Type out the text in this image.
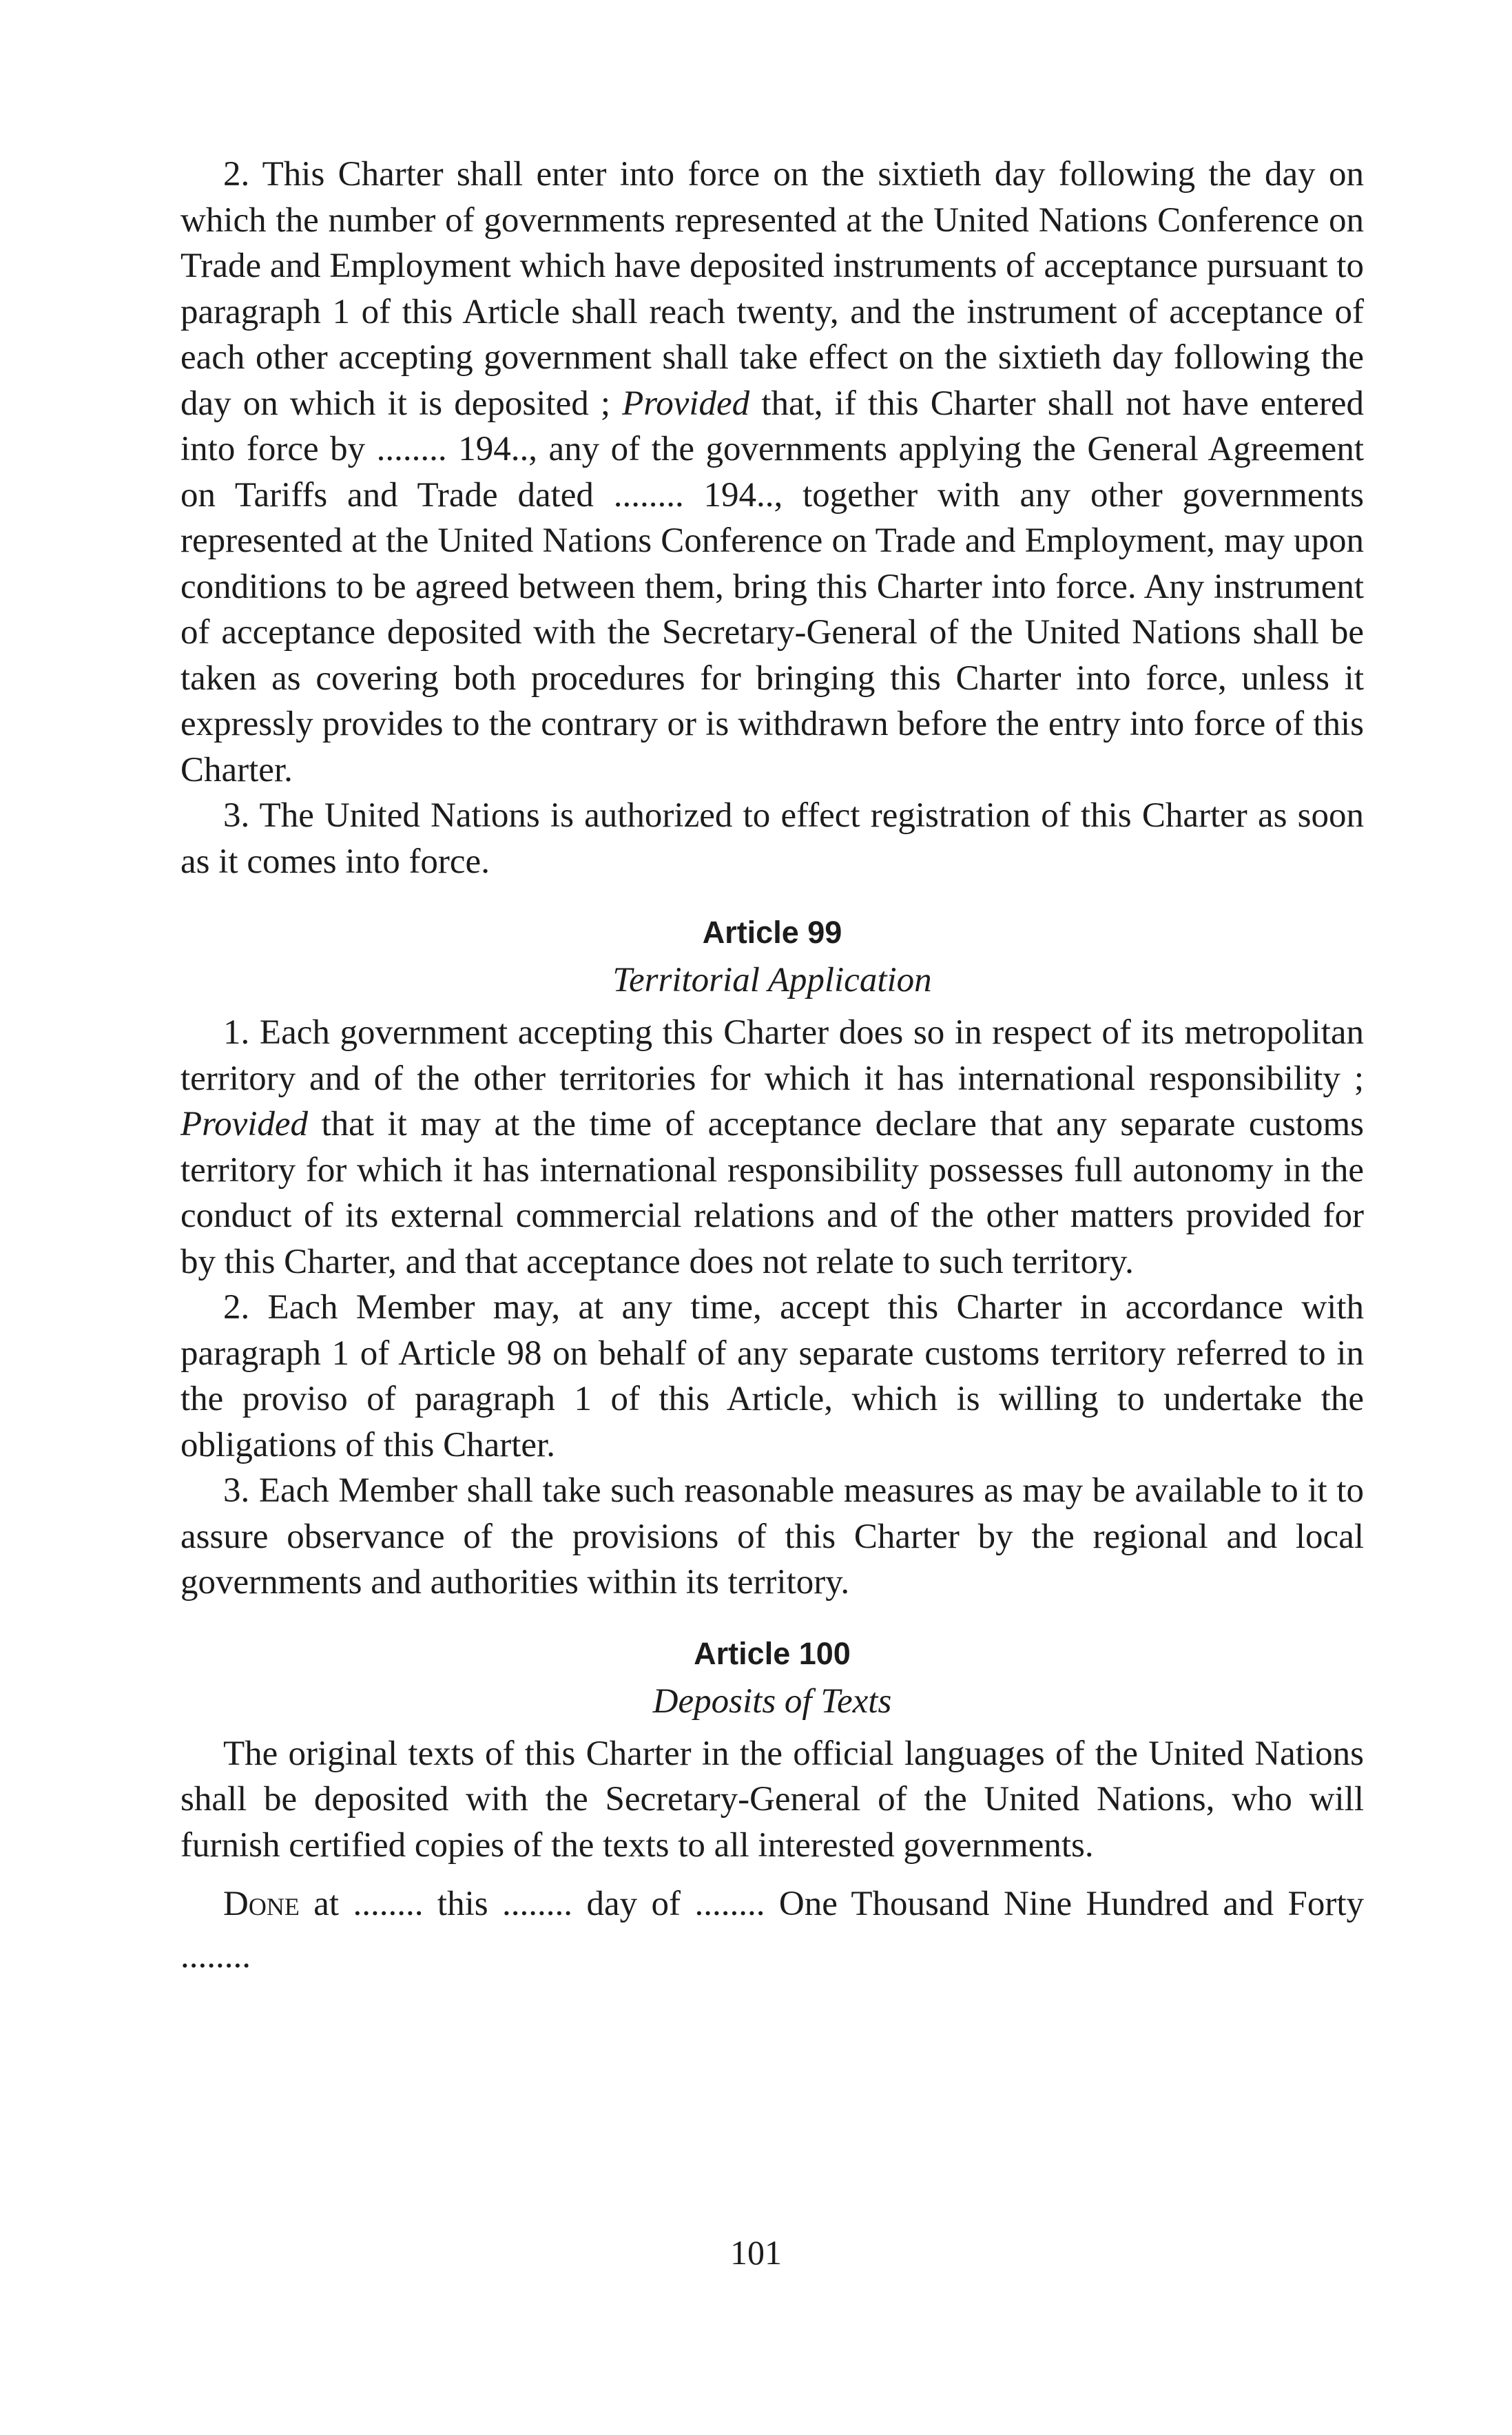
2. This Charter shall enter into force on the sixtieth day following the day on which the number of governments represented at the United Nations Conference on Trade and Employment which have deposited instruments of acceptance pursuant to paragraph 1 of this Article shall reach twenty, and the instrument of acceptance of each other accepting government shall take effect on the sixtieth day following the day on which it is deposited ; Provided that, if this Charter shall not have entered into force by ........ 194.., any of the governments applying the General Agreement on Tariffs and Trade dated ........ 194.., together with any other governments represented at the United Nations Conference on Trade and Employment, may upon conditions to be agreed between them, bring this Charter into force. Any instrument of acceptance deposited with the Secretary-General of the United Nations shall be taken as covering both procedures for bringing this Charter into force, unless it expressly provides to the contrary or is withdrawn before the entry into force of this Charter.

3. The United Nations is authorized to effect registration of this Charter as soon as it comes into force.

Article 99

Territorial Application

1. Each government accepting this Charter does so in respect of its metropolitan territory and of the other territories for which it has international responsibility ; Provided that it may at the time of acceptance declare that any separate customs territory for which it has international responsibility possesses full autonomy in the conduct of its external commercial relations and of the other matters provided for by this Charter, and that acceptance does not relate to such territory.

2. Each Member may, at any time, accept this Charter in accordance with paragraph 1 of Article 98 on behalf of any separate customs territory referred to in the proviso of paragraph 1 of this Article, which is willing to undertake the obligations of this Charter.

3. Each Member shall take such reasonable measures as may be available to it to assure observance of the provisions of this Charter by the regional and local governments and authorities within its territory.

Article 100

Deposits of Texts

The original texts of this Charter in the official languages of the United Nations shall be deposited with the Secretary-General of the United Nations, who will furnish certified copies of the texts to all interested governments.

Done at ........ this ........ day of ........ One Thousand Nine Hundred and Forty ........

101
